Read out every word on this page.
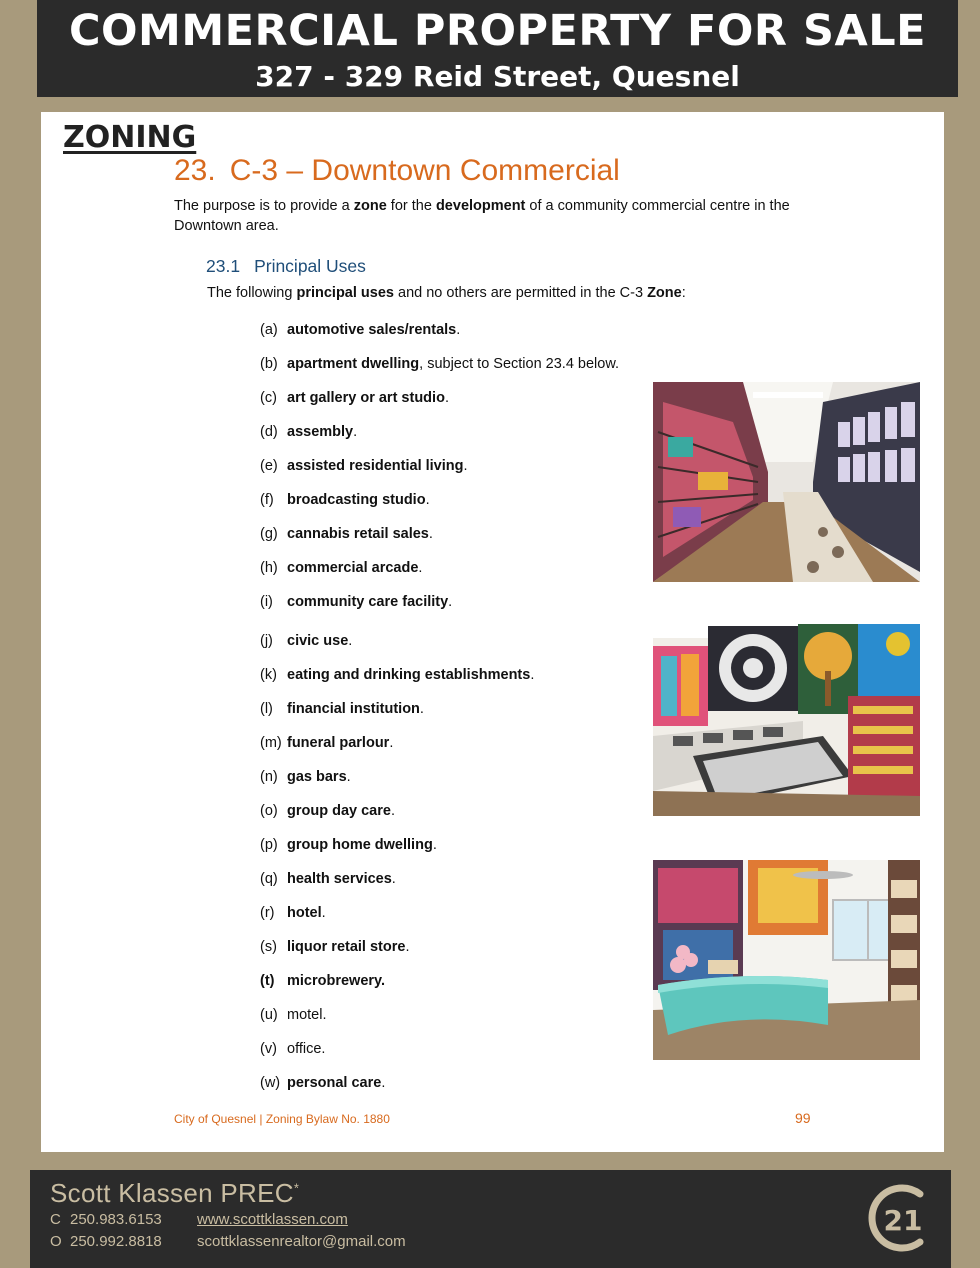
COMMERCIAL PROPERTY FOR SALE
327 - 329 Reid Street, Quesnel
ZONING
23. C-3 – Downtown Commercial
The purpose is to provide a zone for the development of a community commercial centre in the Downtown area.
23.1 Principal Uses
The following principal uses and no others are permitted in the C-3 Zone:
(a) automotive sales/rentals.
(b) apartment dwelling, subject to Section 23.4 below.
(c) art gallery or art studio.
(d) assembly.
(e) assisted residential living.
(f) broadcasting studio.
(g) cannabis retail sales.
(h) commercial arcade.
(i) community care facility.
(j) civic use.
(k) eating and drinking establishments.
(l) financial institution.
(m) funeral parlour.
(n) gas bars.
(o) group day care.
(p) group home dwelling.
(q) health services.
(r) hotel.
(s) liquor retail store.
(t) microbrewery.
(u) motel.
(v) office.
(w) personal care.
City of Quesnel | Zoning Bylaw No. 1880	99
Scott Klassen PREC*
C 250.983.6153
O 250.992.8818
www.scottklassen.com
scottklassenrealtor@gmail.com
21
